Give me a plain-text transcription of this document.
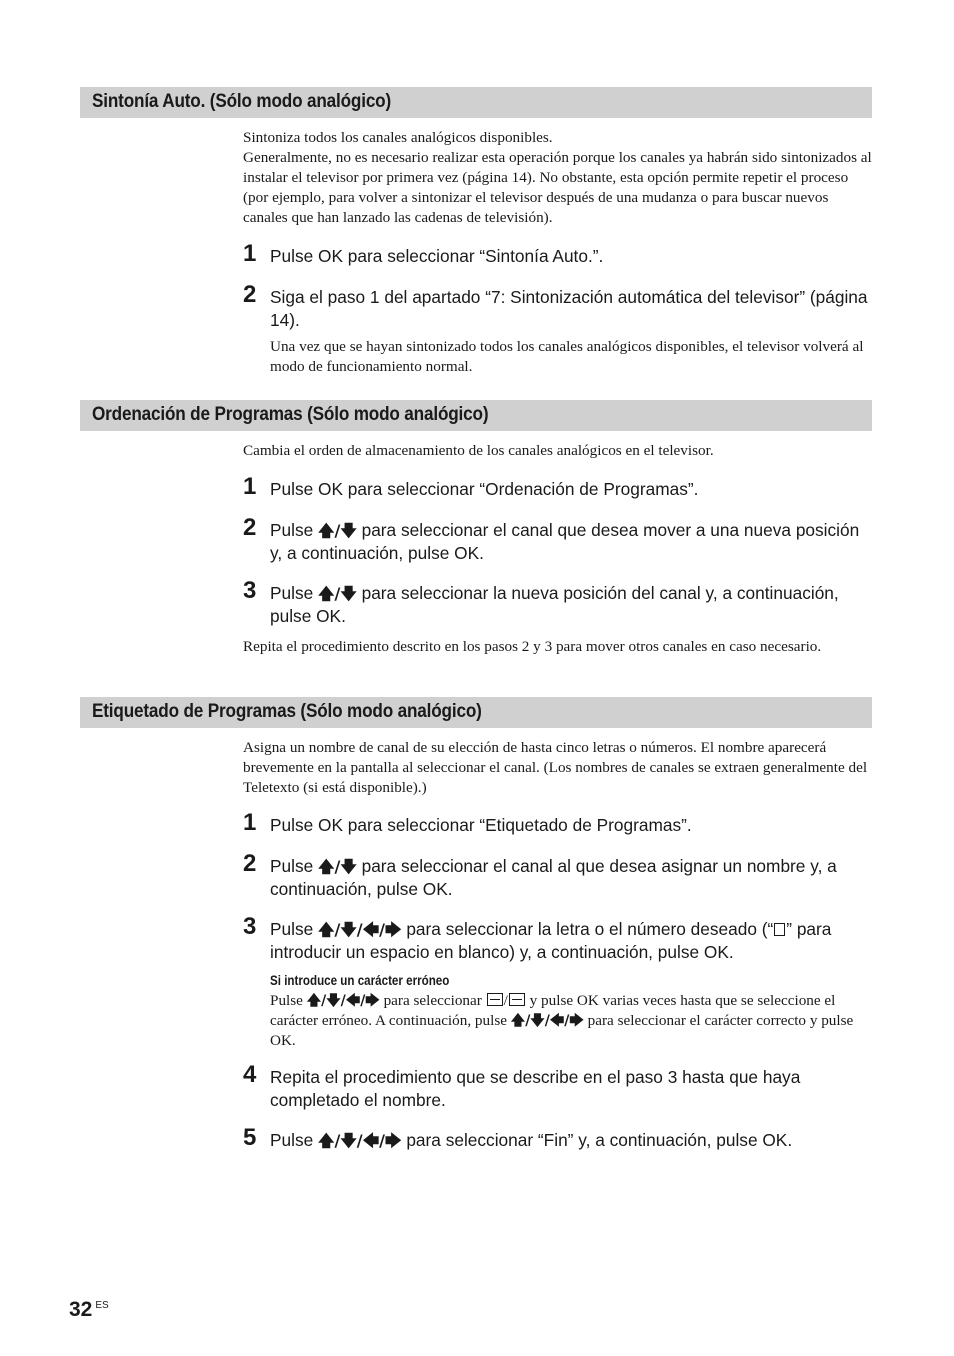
Sintonía Auto. (Sólo modo analógico)
Sintoniza todos los canales analógicos disponibles.
Generalmente, no es necesario realizar esta operación porque los canales ya habrán sido sintonizados al instalar el televisor por primera vez (página 14). No obstante, esta opción permite repetir el proceso (por ejemplo, para volver a sintonizar el televisor después de una mudanza o para buscar nuevos canales que han lanzado las cadenas de televisión).
1 Pulse OK para seleccionar “Sintonía Auto.”.
2 Siga el paso 1 del apartado “7: Sintonización automática del televisor” (página 14).
Una vez que se hayan sintonizado todos los canales analógicos disponibles, el televisor volverá al modo de funcionamiento normal.
Ordenación de Programas (Sólo modo analógico)
Cambia el orden de almacenamiento de los canales analógicos en el televisor.
1 Pulse OK para seleccionar “Ordenación de Programas”.
2 Pulse 🡅/🡇 para seleccionar el canal que desea mover a una nueva posición y, a continuación, pulse OK.
3 Pulse 🡅/🡇 para seleccionar la nueva posición del canal y, a continuación, pulse OK.
Repita el procedimiento descrito en los pasos 2 y 3 para mover otros canales en caso necesario.
Etiquetado de Programas (Sólo modo analógico)
Asigna un nombre de canal de su elección de hasta cinco letras o números. El nombre aparecerá brevemente en la pantalla al seleccionar el canal. (Los nombres de canales se extraen generalmente del Teletexto (si está disponible).)
1 Pulse OK para seleccionar “Etiquetado de Programas”.
2 Pulse 🡅/🡇 para seleccionar el canal al que desea asignar un nombre y, a continuación, pulse OK.
3 Pulse 🡅/🡇/🡄/🡆 para seleccionar la letra o el número deseado (“ ” para introducir un espacio en blanco) y, a continuación, pulse OK.
Si introduce un carácter erróneo
Pulse 🡅/🡇/🡄/🡆 para seleccionar / y pulse OK varias veces hasta que se seleccione el carácter erróneo. A continuación, pulse 🡅/🡇/🡄/🡆 para seleccionar el carácter correcto y pulse OK.
4 Repita el procedimiento que se describe en el paso 3 hasta que haya completado el nombre.
5 Pulse 🡅/🡇/🡄/🡆 para seleccionar “Fin” y, a continuación, pulse OK.
32 $^{ES}$
